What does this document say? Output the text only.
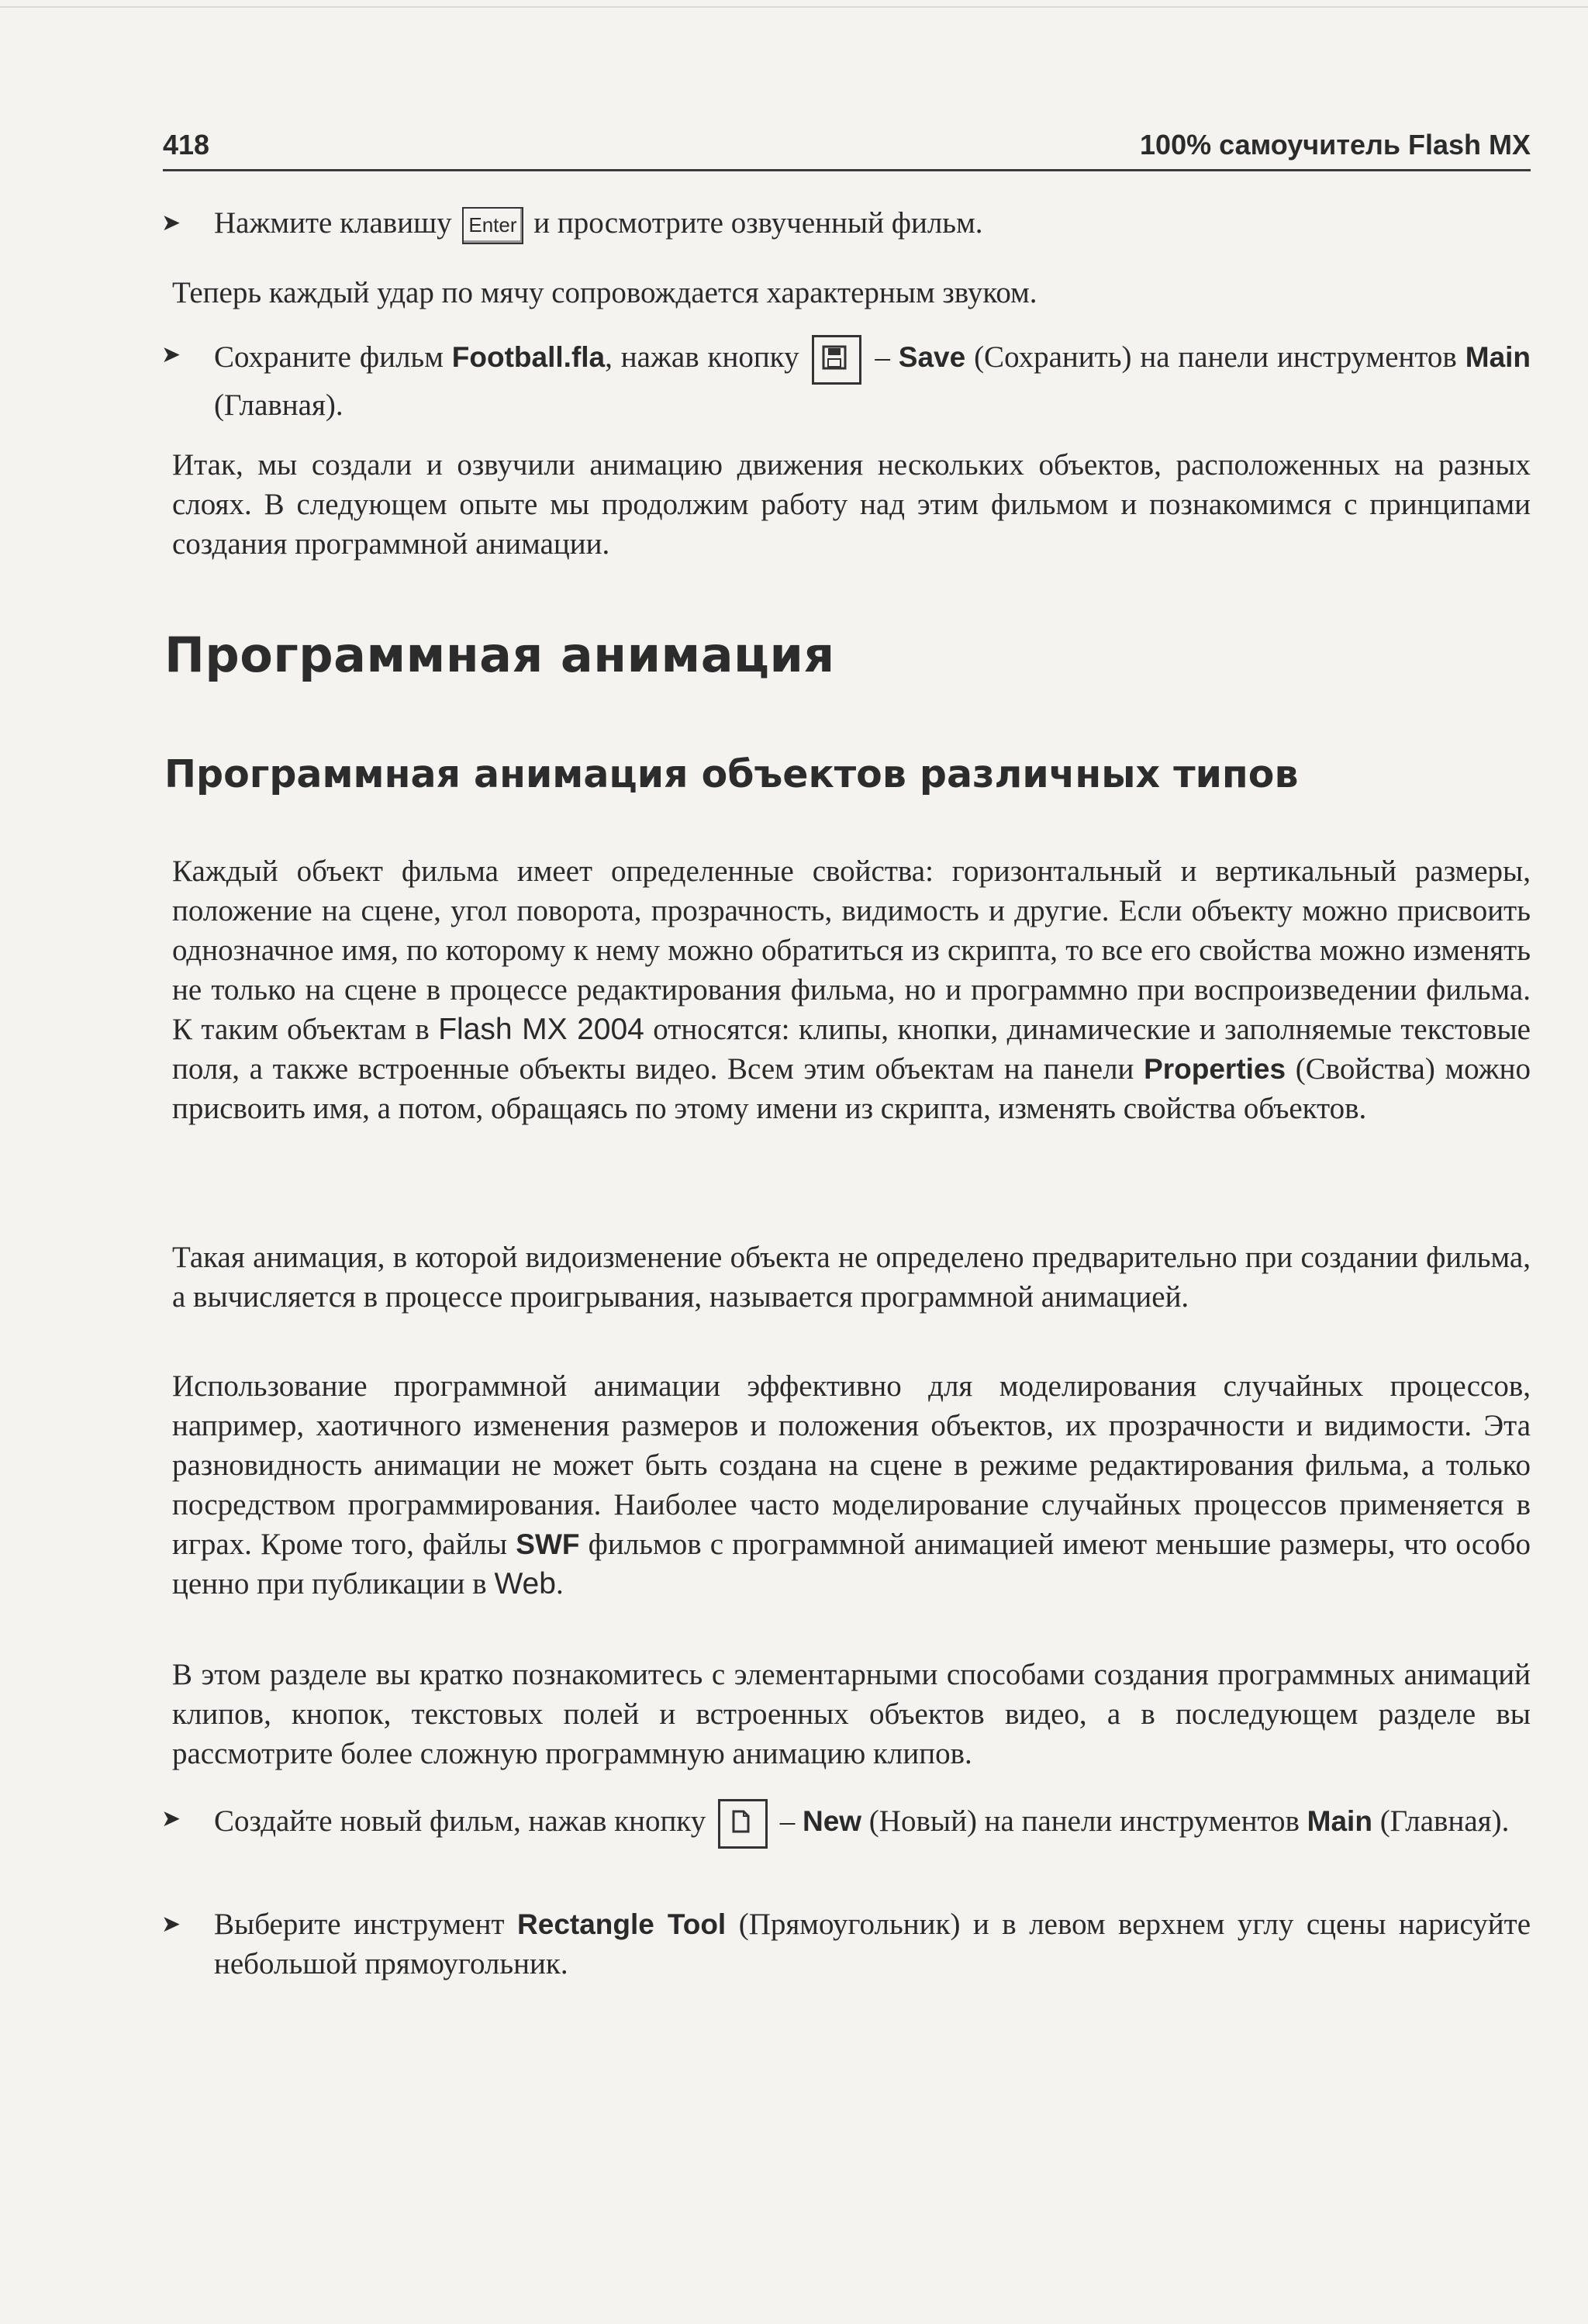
418	100% самоучитель Flash MX
➤ Нажмите клавишу Enter и просмотрите озвученный фильм.
Теперь каждый удар по мячу сопровождается характерным звуком.
➤ Сохраните фильм Football.fla, нажав кнопку	– Save (Сохранить) на панели инструментов Main (Главная).
Итак, мы создали и озвучили анимацию движения нескольких объектов, расположенных на разных слоях. В следующем опыте мы продолжим работу над этим фильмом и познакомимся с принципами создания программной анимации.
Программная анимация
Программная анимация объектов различных типов
Каждый объект фильма имеет определенные свойства: горизонтальный и вертикальный размеры, положение на сцене, угол поворота, прозрачность, видимость и другие. Если объекту можно присвоить однозначное имя, по которому к нему можно обратиться из скрипта, то все его свойства можно изменять не только на сцене в процессе редактирования фильма, но и программно при воспроизведении фильма. К таким объектам в Flash MX 2004 относятся: клипы, кнопки, динамические и заполняемые текстовые поля, а также встроенные объекты видео. Всем этим объектам на панели Properties (Свойства) можно присвоить имя, а потом, обращаясь по этому имени из скрипта, изменять свойства объектов.
Такая анимация, в которой видоизменение объекта не определено предварительно при создании фильма, а вычисляется в процессе проигрывания, называется программной анимацией.
Использование программной анимации эффективно для моделирования случайных процессов, например, хаотичного изменения размеров и положения объектов, их прозрачности и видимости. Эта разновидность анимации не может быть создана на сцене в режиме редактирования фильма, а только посредством программирования. Наиболее часто моделирование случайных процессов применяется в играх. Кроме того, файлы SWF фильмов с программной анимацией имеют меньшие размеры, что особо ценно при публикации в Web.
В этом разделе вы кратко познакомитесь с элементарными способами создания программных анимаций клипов, кнопок, текстовых полей и встроенных объектов видео, а в последующем разделе вы рассмотрите более сложную программную анимацию клипов.
➤ Создайте новый фильм, нажав кнопку – New (Новый) на панели инструментов Main (Главная).
➤ Выберите инструмент Rectangle Tool (Прямоугольник) и в левом верхнем углу сцены нарисуйте небольшой прямоугольник.
